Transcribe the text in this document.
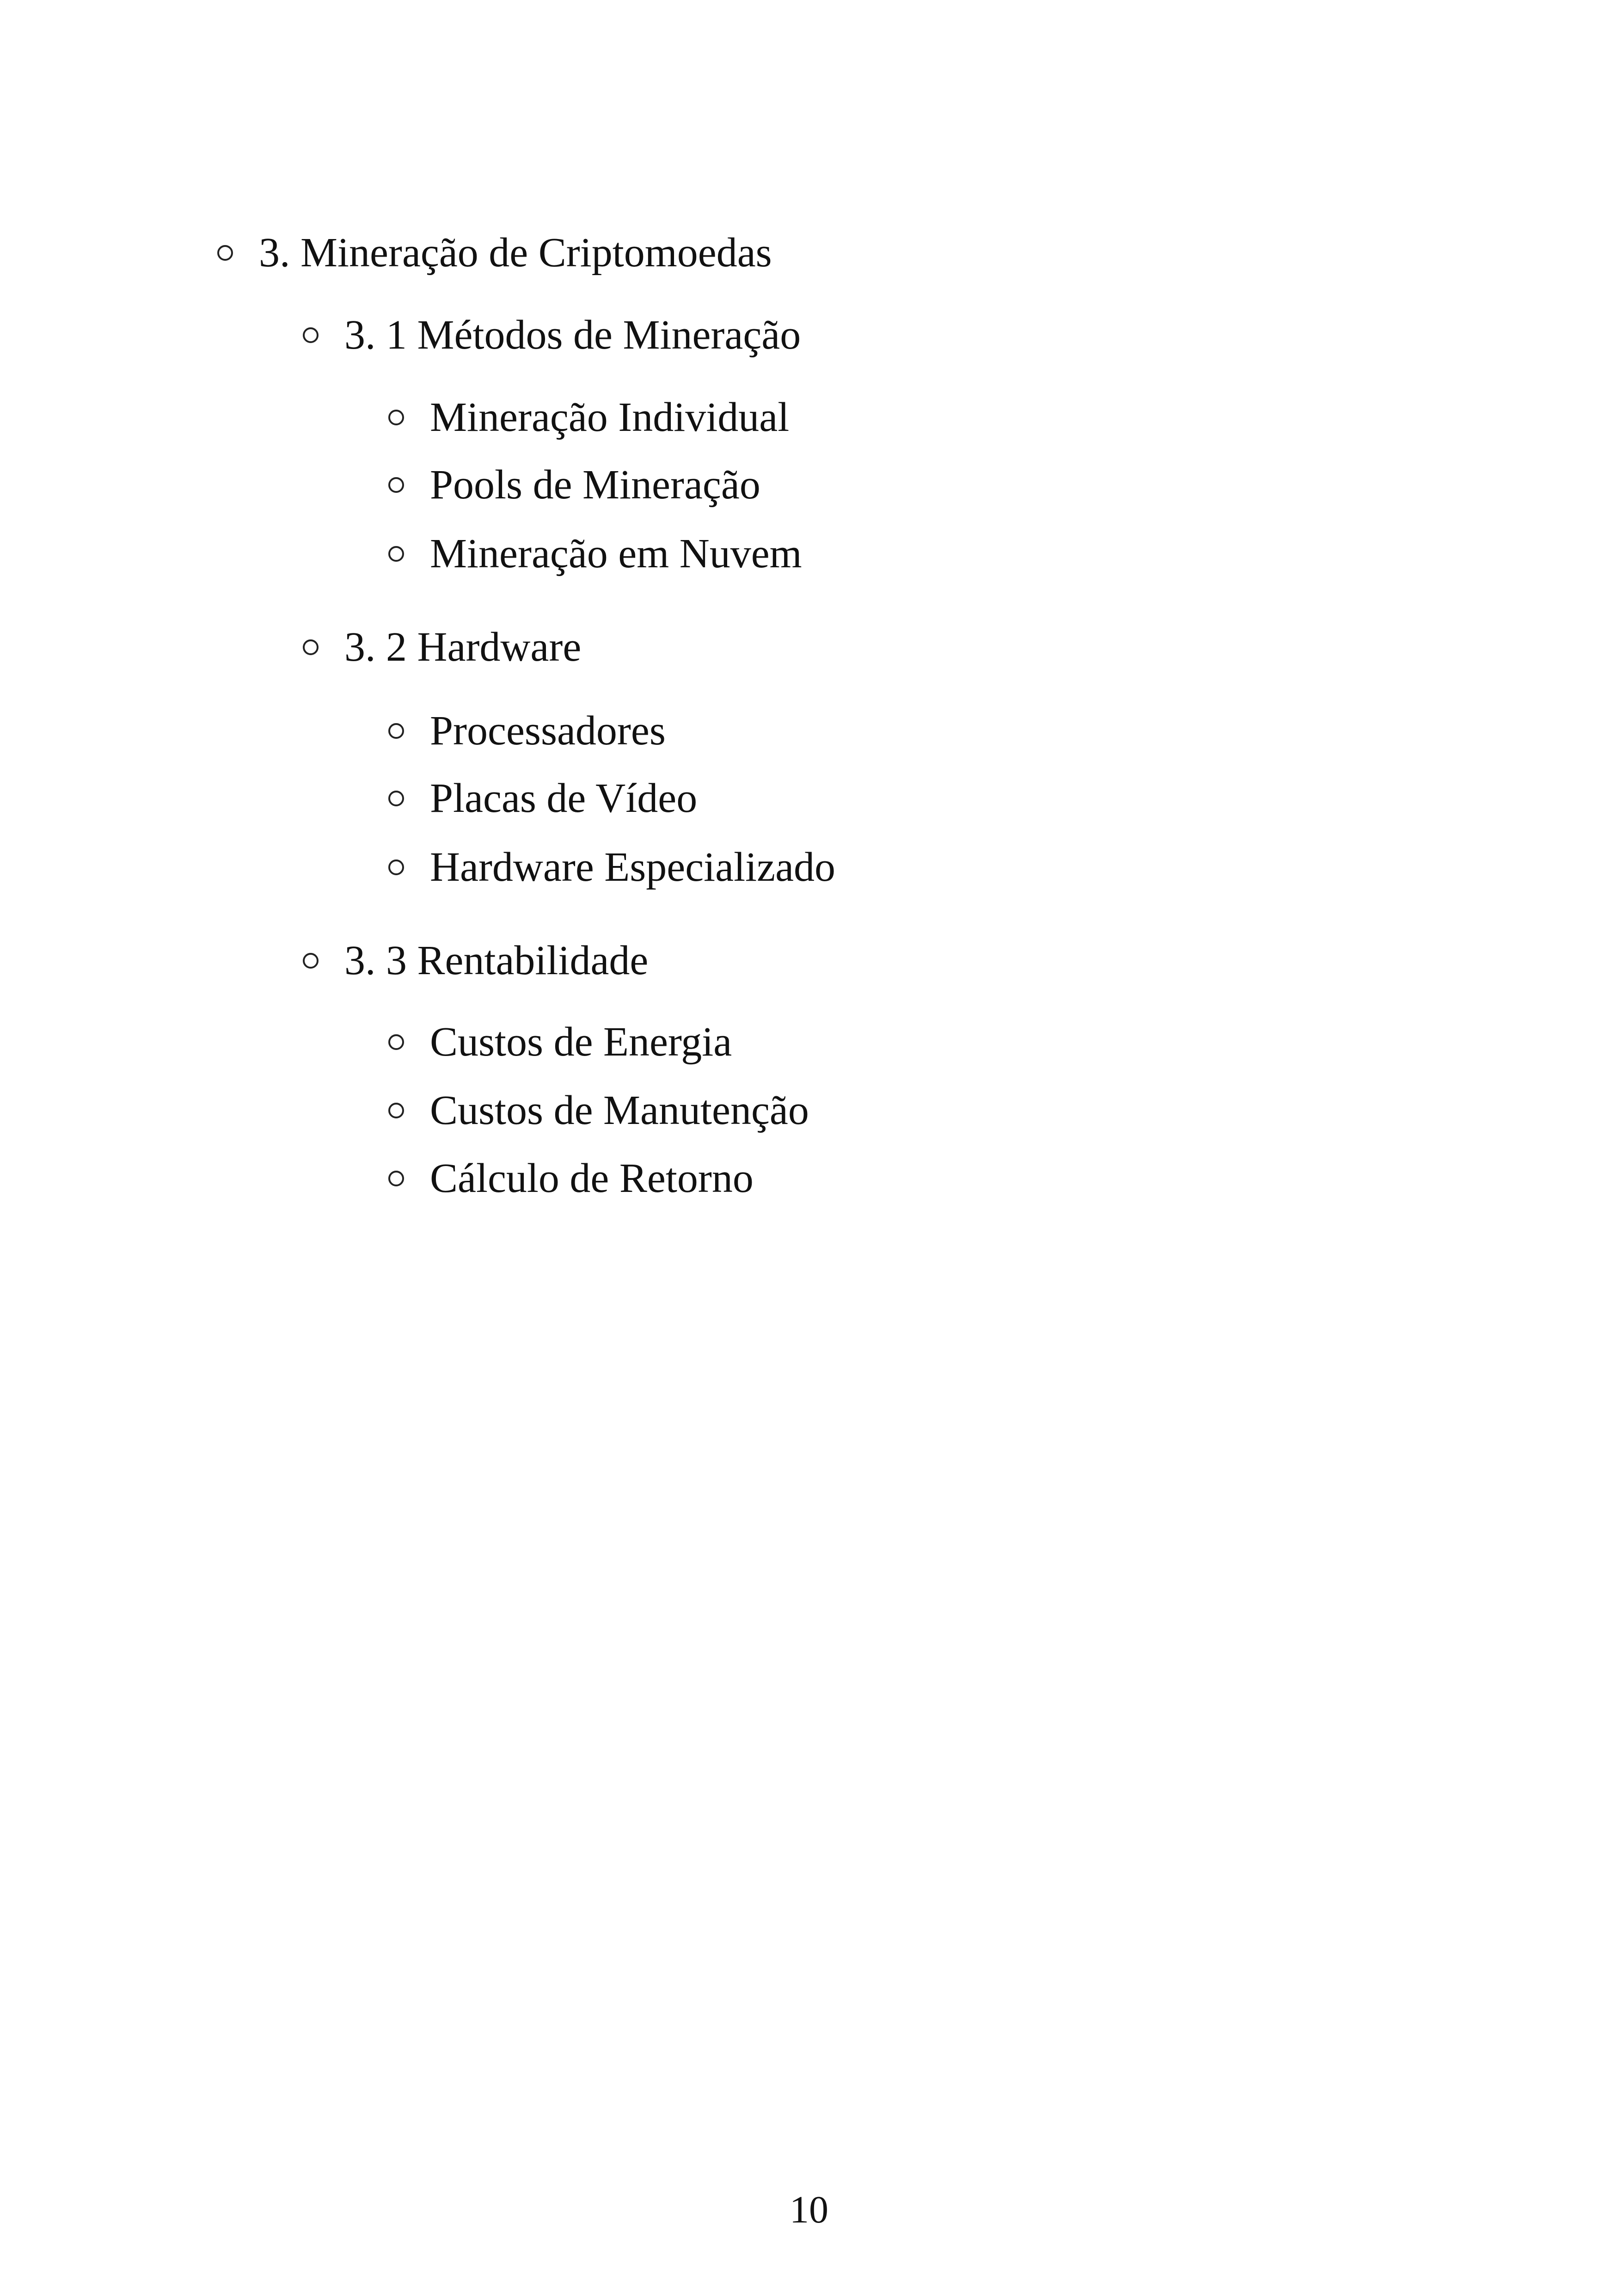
3. Mineração de Criptomoedas
3. 1 Métodos de Mineração
Mineração Individual
Pools de Mineração
Mineração em Nuvem
3. 2 Hardware
Processadores
Placas de Vídeo
Hardware Especializado
3. 3 Rentabilidade
Custos de Energia
Custos de Manutenção
Cálculo de Retorno
10
